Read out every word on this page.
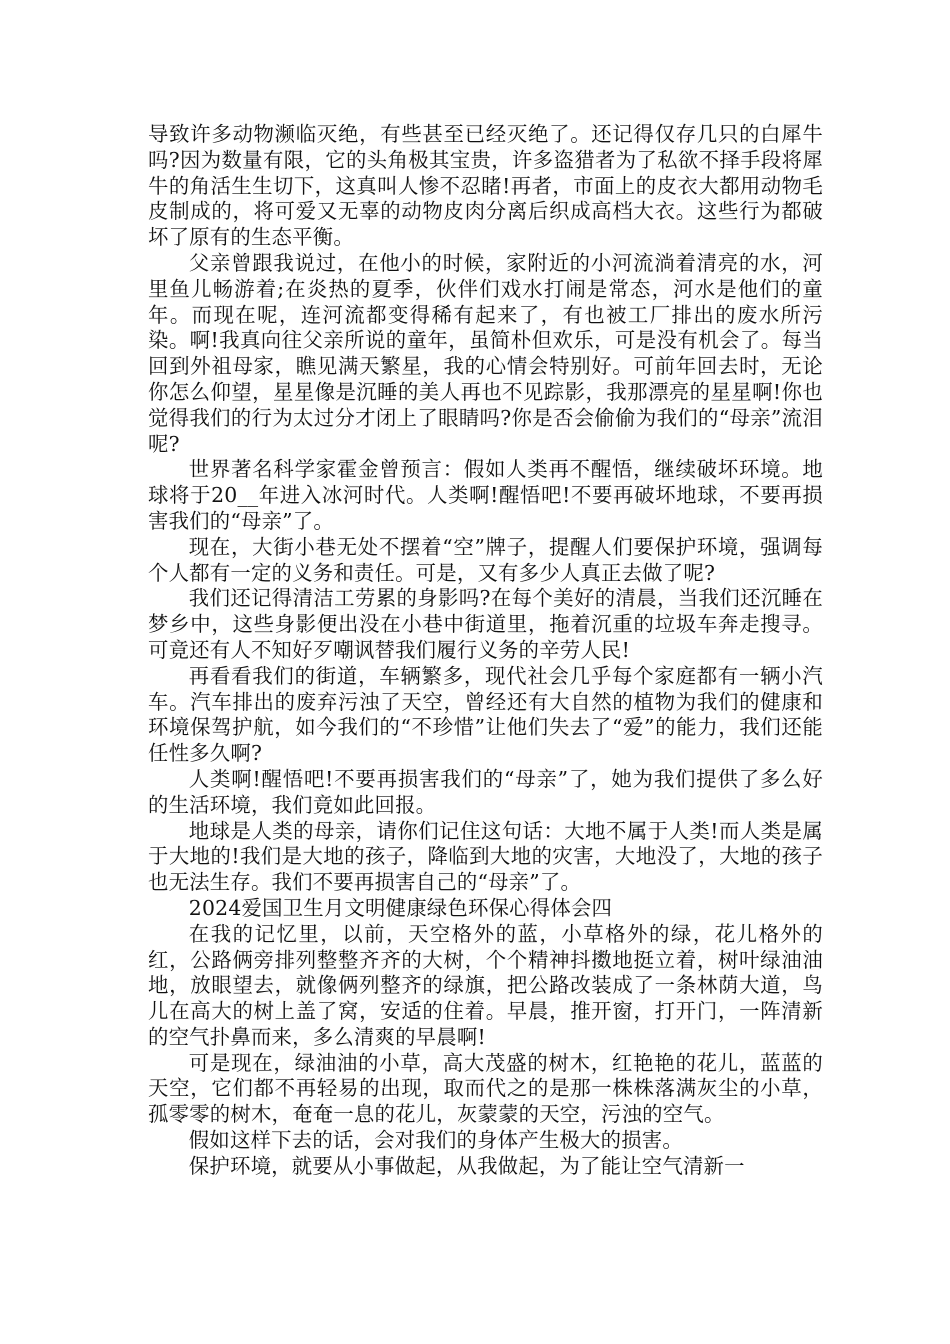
导致许多动物濒临灭绝，有些甚至已经灭绝了。还记得仅存几只的白犀牛吗?因为数量有限，它的头角极其宝贵，许多盗猎者为了私欲不择手段将犀牛的角活生生切下，这真叫人惨不忍睹!再者，市面上的皮衣大都用动物毛皮制成的，将可爱又无辜的动物皮肉分离后织成高档大衣。这些行为都破坏了原有的生态平衡。

父亲曾跟我说过，在他小的时候，家附近的小河流淌着清亮的水，河里鱼儿畅游着;在炎热的夏季，伙伴们戏水打闹是常态，河水是他们的童年。而现在呢，连河流都变得稀有起来了，有也被工厂排出的废水所污染。啊!我真向往父亲所说的童年，虽简朴但欢乐，可是没有机会了。每当回到外祖母家，瞧见满天繁星，我的心情会特别好。可前年回去时，无论你怎么仰望，星星像是沉睡的美人再也不见踪影，我那漂亮的星星啊!你也觉得我们的行为太过分才闭上了眼睛吗?你是否会偷偷为我们的“母亲”流泪呢?

世界著名科学家霍金曾预言：假如人类再不醒悟，继续破坏环境。地球将于20__年进入冰河时代。人类啊!醒悟吧!不要再破坏地球，不要再损害我们的“母亲”了。

现在，大街小巷无处不摆着“空”牌子，提醒人们要保护环境，强调每个人都有一定的义务和责任。可是，又有多少人真正去做了呢?

我们还记得清洁工劳累的身影吗?在每个美好的清晨，当我们还沉睡在梦乡中，这些身影便出没在小巷中街道里，拖着沉重的垃圾车奔走搜寻。可竟还有人不知好歹嘲讽替我们履行义务的辛劳人民!

再看看我们的街道，车辆繁多，现代社会几乎每个家庭都有一辆小汽车。汽车排出的废弃污浊了天空，曾经还有大自然的植物为我们的健康和环境保驾护航，如今我们的“不珍惜”让他们失去了“爱”的能力，我们还能任性多久啊?

人类啊!醒悟吧!不要再损害我们的“母亲”了，她为我们提供了多么好的生活环境，我们竟如此回报。

地球是人类的母亲，请你们记住这句话：大地不属于人类!而人类是属于大地的!我们是大地的孩子，降临到大地的灾害，大地没了，大地的孩子也无法生存。我们不要再损害自己的“母亲”了。

2024爱国卫生月文明健康绿色环保心得体会四

在我的记忆里，以前，天空格外的蓝，小草格外的绿，花儿格外的红，公路俩旁排列整整齐齐的大树，个个精神抖擞地挺立着，树叶绿油油地，放眼望去，就像俩列整齐的绿旗，把公路改装成了一条林荫大道，鸟儿在高大的树上盖了窝，安适的住着。早晨，推开窗，打开门，一阵清新的空气扑鼻而来，多么清爽的早晨啊!

可是现在，绿油油的小草，高大茂盛的树木，红艳艳的花儿，蓝蓝的天空，它们都不再轻易的出现，取而代之的是那一株株落满灰尘的小草，孤零零的树木，奄奄一息的花儿，灰蒙蒙的天空，污浊的空气。

假如这样下去的话，会对我们的身体产生极大的损害。

保护环境，就要从小事做起，从我做起，为了能让空气清新一
